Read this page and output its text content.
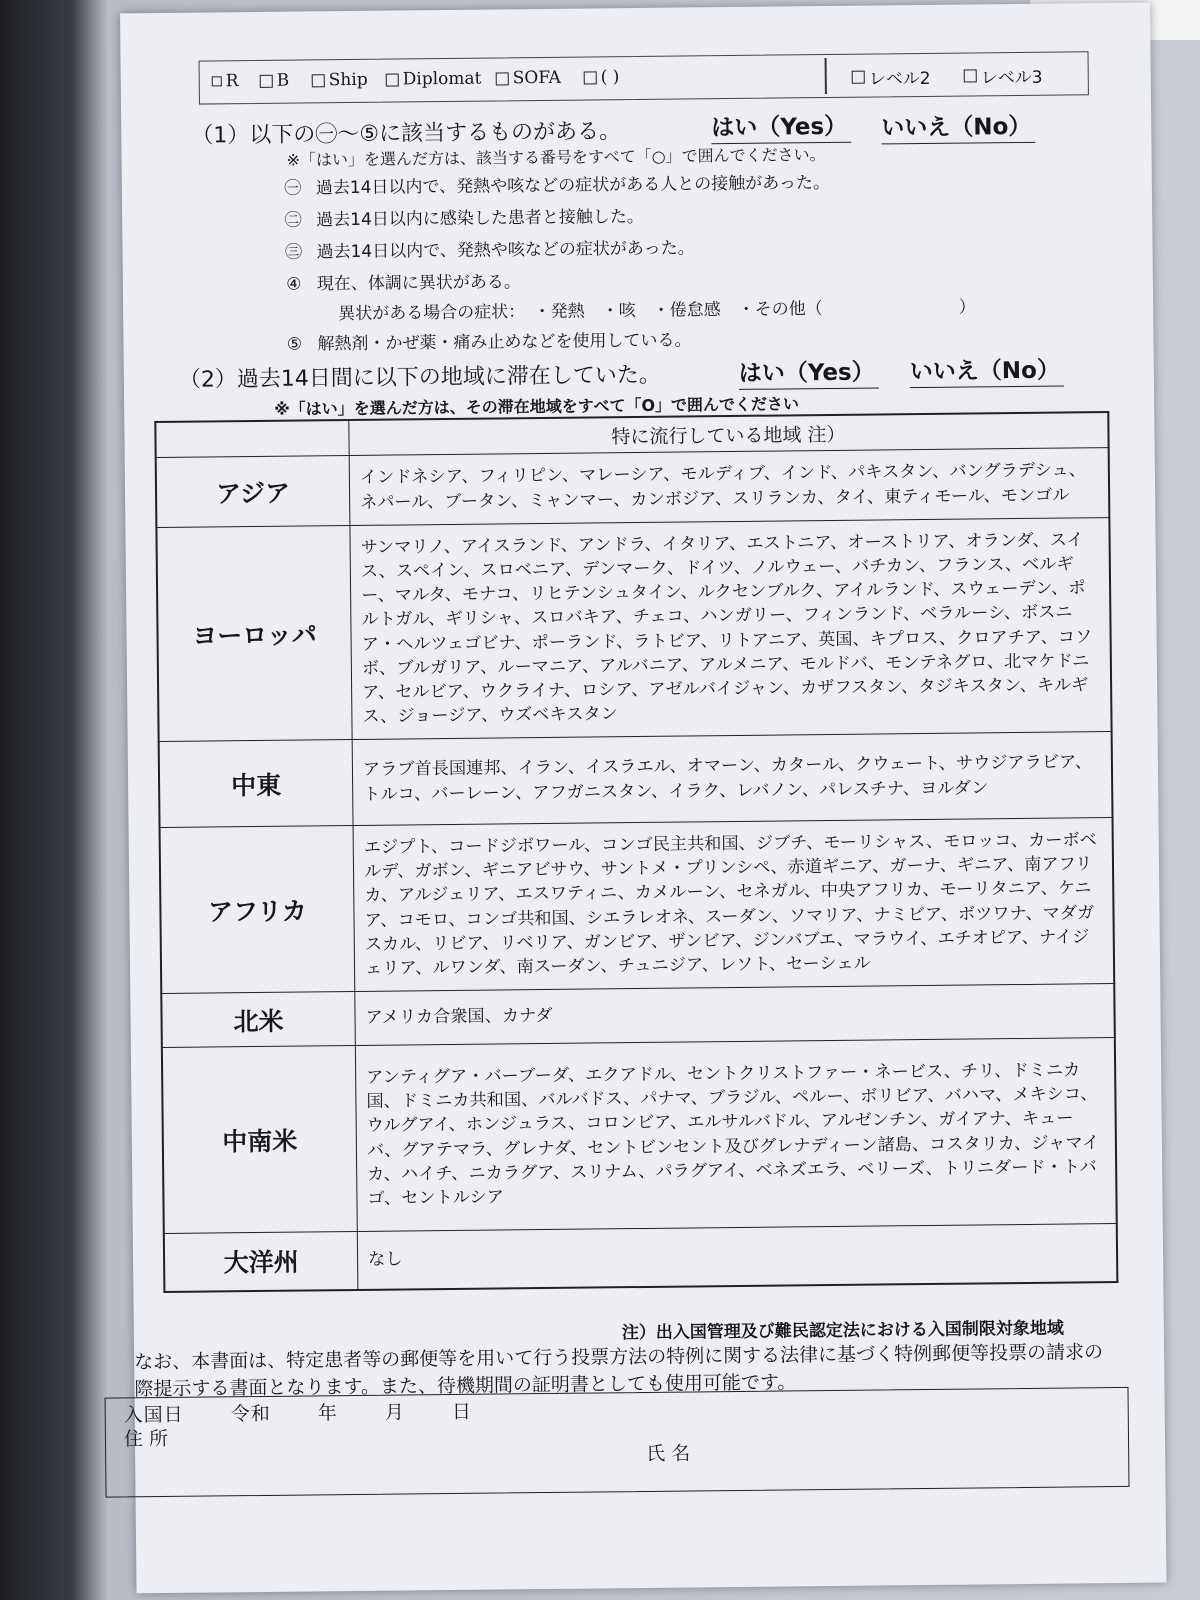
R B Ship Diplomat SOFA ( )	レベル2	レベル3
（1）以下の㊀〜⑤に該当するものがある。	はい（Yes） いいえ（No）
※「はい」を選んだ方は、該当する番号をすべて「○」で囲んでください。
㊀ 過去14日以内で、発熱や咳などの症状がある人との接触があった。
㊁ 過去14日以内に感染した患者と接触した。
㊂ 過去14日以内で、発熱や咳などの症状があった。
④ 現在、体調に異状がある。
異状がある場合の症状：　・発熱　・咳　・倦怠感　・その他（　　　　　　　　）
⑤ 解熱剤・かぜ薬・痛み止めなどを使用している。
（2）過去14日間に以下の地域に滞在していた。	はい（Yes） いいえ（No）
※「はい」を選んだ方は、その滞在地域をすべて「O」で囲んでください
	特に流行している地域 注）
アジア	インドネシア、フィリピン、マレーシア、モルディブ、インド、パキスタン、バングラデシュ、ネパール、ブータン、ミャンマー、カンボジア、スリランカ、タイ、東ティモール、モンゴル
ヨーロッパ	サンマリノ、アイスランド、アンドラ、イタリア、エストニア、オーストリア、オランダ、スイス、スペイン、スロベニア、デンマーク、ドイツ、ノルウェー、バチカン、フランス、ベルギー、マルタ、モナコ、リヒテンシュタイン、ルクセンブルク、アイルランド、スウェーデン、ポルトガル、ギリシャ、スロバキア、チェコ、ハンガリー、フィンランド、ベラルーシ、ボスニア・ヘルツェゴビナ、ポーランド、ラトビア、リトアニア、英国、キプロス、クロアチア、コソボ、ブルガリア、ルーマニア、アルバニア、アルメニア、モルドバ、モンテネグロ、北マケドニア、セルビア、ウクライナ、ロシア、アゼルバイジャン、カザフスタン、タジキスタン、キルギス、ジョージア、ウズベキスタン
中東	アラブ首長国連邦、イラン、イスラエル、オマーン、カタール、クウェート、サウジアラビア、トルコ、バーレーン、アフガニスタン、イラク、レバノン、パレスチナ、ヨルダン
アフリカ	エジプト、コードジボワール、コンゴ民主共和国、ジブチ、モーリシャス、モロッコ、カーボベルデ、ガボン、ギニアビサウ、サントメ・プリンシペ、赤道ギニア、ガーナ、ギニア、南アフリカ、アルジェリア、エスワティニ、カメルーン、セネガル、中央アフリカ、モーリタニア、ケニア、コモロ、コンゴ共和国、シエラレオネ、スーダン、ソマリア、ナミビア、ボツワナ、マダガスカル、リビア、リベリア、ガンビア、ザンビア、ジンバブエ、マラウイ、エチオピア、ナイジェリア、ルワンダ、南スーダン、チュニジア、レソト、セーシェル
北米	アメリカ合衆国、カナダ
中南米	アンティグア・バーブーダ、エクアドル、セントクリストファー・ネービス、チリ、ドミニカ国、ドミニカ共和国、バルバドス、パナマ、ブラジル、ペルー、ボリビア、バハマ、メキシコ、ウルグアイ、ホンジュラス、コロンビア、エルサルバドル、アルゼンチン、ガイアナ、キューバ、グアテマラ、グレナダ、セントビンセント及びグレナディーン諸島、コスタリカ、ジャマイカ、ハイチ、ニカラグア、スリナム、パラグアイ、ベネズエラ、ベリーズ、トリニダード・トバゴ、セントルシア
大洋州	なし
注）出入国管理及び難民認定法における入国制限対象地域
なお、本書面は、特定患者等の郵便等を用いて行う投票方法の特例に関する法律に基づく特例郵便等投票の請求の際提示する書面となります。また、待機期間の証明書としても使用可能です。
入国日 令和 年 月 日
住 所
氏 名
